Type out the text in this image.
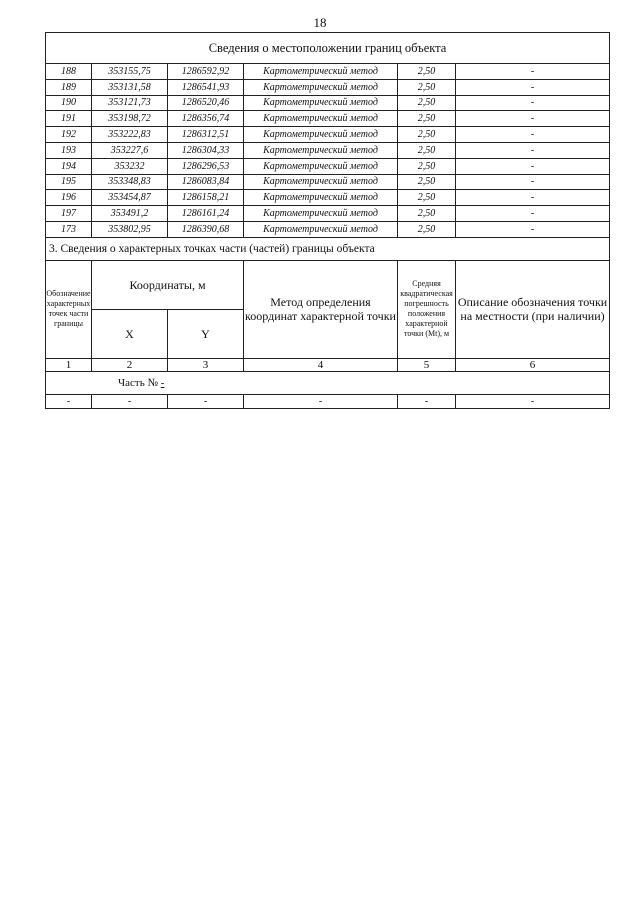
18
Сведения о местоположении границ объекта					
188	353155,75	1286592,92	Картометрический метод	2,50	-
189	353131,58	1286541,93	Картометрический метод	2,50	-
190	353121,73	1286520,46	Картометрический метод	2,50	-
191	353198,72	1286356,74	Картометрический метод	2,50	-
192	353222,83	1286312,51	Картометрический метод	2,50	-
193	353227,6	1286304,33	Картометрический метод	2,50	-
194	353232	1286296,53	Картометрический метод	2,50	-
195	353348,83	1286083,84	Картометрический метод	2,50	-
196	353454,87	1286158,21	Картометрический метод	2,50	-
197	353491,2	1286161,24	Картометрический метод	2,50	-
173	353802,95	1286390,68	Картометрический метод	2,50	-
3. Сведения о характерных точках части (частей) границы объекта					
Обозначение характерных точек части границы	Координаты, м		Метод определения координат характерной точки	Средняя квадратическая погрешность положения характерной точки (Mt), м	Описание обозначения точки на местности (при наличии)
	X	Y			
1	2	3	4	5	6
Часть № -					
-	-	-	-	-	-
